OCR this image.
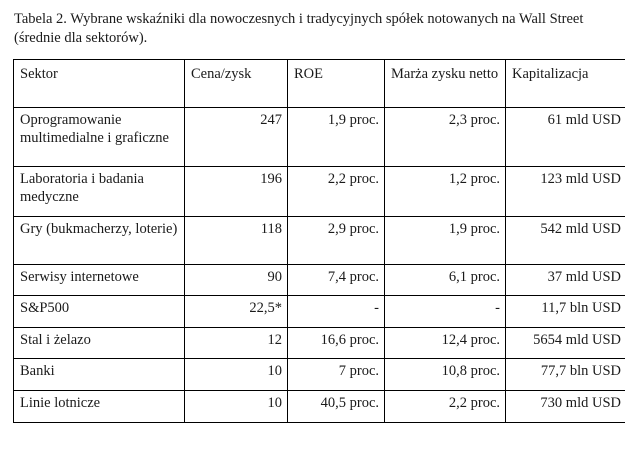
Tabela 2. Wybrane wskaźniki dla nowoczesnych i tradycyjnych spółek notowanych na Wall Street (średnie dla sektorów).
Sektor	Cena/zysk	ROE	Marża zysku netto	Kapitalizacja
Oprogramowanie multimedialne i graficzne	247	1,9 proc.	2,3 proc.	61 mld USD
Laboratoria i badania medyczne	196	2,2 proc.	1,2 proc.	123 mld USD
Gry (bukmacherzy, loterie)	118	2,9 proc.	1,9 proc.	542 mld USD
Serwisy internetowe	90	7,4 proc.	6,1 proc.	37 mld USD
S&P500	22,5*	-	-	11,7 bln USD
Stal i żelazo	12	16,6 proc.	12,4 proc.	5654 mld USD
Banki	10	7 proc.	10,8 proc.	77,7 bln USD
Linie lotnicze	10	40,5 proc.	2,2 proc.	730 mld USD
